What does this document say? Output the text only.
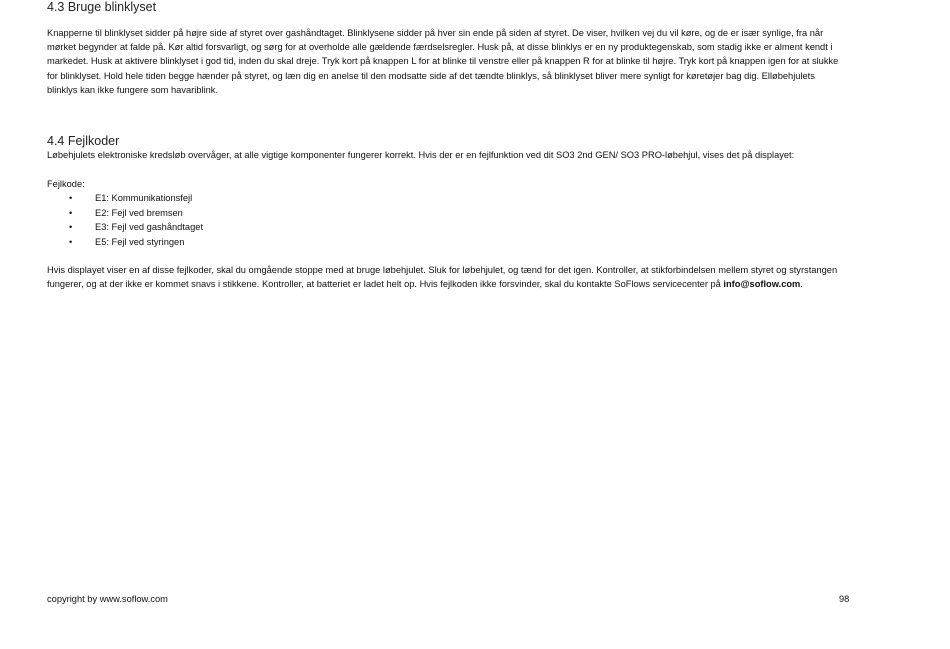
4.3 Bruge blinklyset

Knapperne til blinklyset sidder på højre side af styret over gashåndtaget. Blinklysene sidder på hver sin ende på siden af styret. De viser, hvilken vej du vil køre, og de er især synlige, fra når
mørket begynder at falde på. Kør altid forsvarligt, og sørg for at overholde alle gældende færdselsregler. Husk på, at disse blinklys er en ny produktegenskab, som stadig ikke er alment kendt i
markedet. Husk at aktivere blinklyset i god tid, inden du skal dreje. Tryk kort på knappen L for at blinke til venstre eller på knappen R for at blinke til højre. Tryk kort på knappen igen for at slukke
for blinklyset. Hold hele tiden begge hænder på styret, og læn dig en anelse til den modsatte side af det tændte blinklys, så blinklyset bliver mere synligt for køretøjer bag dig. Elløbehjulets
blinklys kan ikke fungere som havariblink.

4.4 Fejlkoder

Løbehjulets elektroniske kredsløb overvåger, at alle vigtige komponenter fungerer korrekt. Hvis der er en fejlfunktion ved dit SO3 2nd GEN/ SO3 PRO-løbehjul, vises det på displayet:

Fejlkode:

• E1: Kommunikationsfejl
• E2: Fejl ved bremsen
• E3: Fejl ved gashåndtaget
• E5: Fejl ved styringen

Hvis displayet viser en af disse fejlkoder, skal du omgående stoppe med at bruge løbehjulet. Sluk for løbehjulet, og tænd for det igen. Kontroller, at stikforbindelsen mellem styret og styrstangen
fungerer, og at der ikke er kommet snavs i stikkene. Kontroller, at batteriet er ladet helt op. Hvis fejlkoden ikke forsvinder, skal du kontakte SoFlows servicecenter på info@soflow.com.

copyright by www.soflow.com	98
